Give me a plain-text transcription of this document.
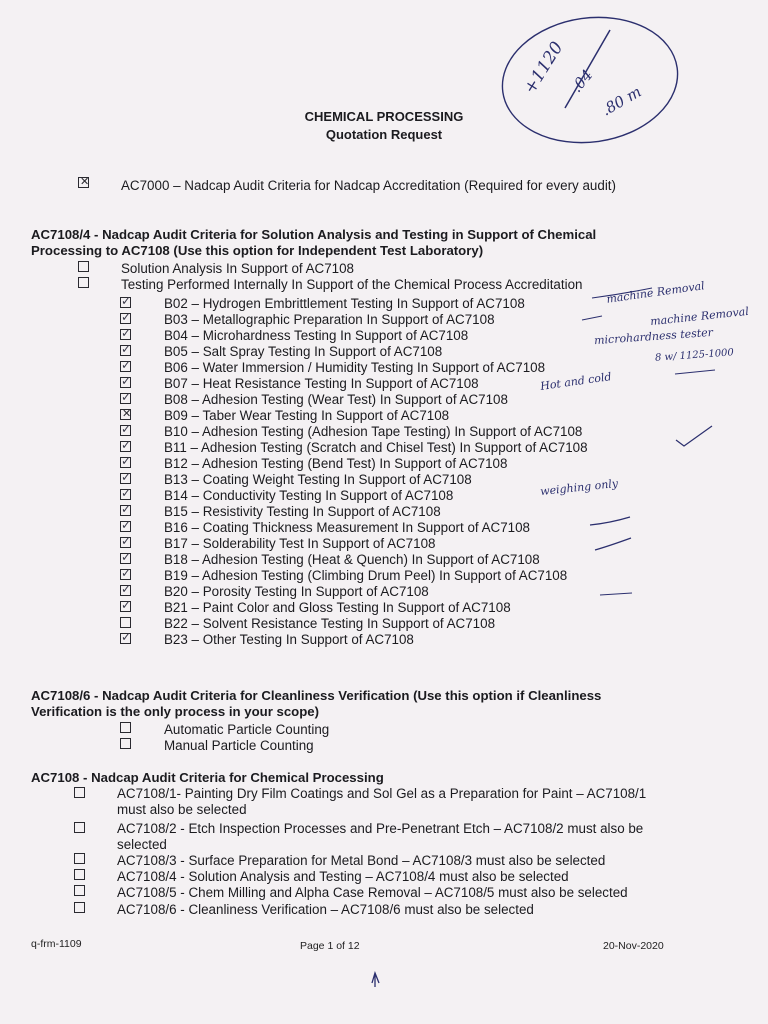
CHEMICAL PROCESSING
Quotation Request
✕ AC7000 – Nadcap Audit Criteria for Nadcap Accreditation (Required for every audit)
AC7108/4 - Nadcap Audit Criteria for Solution Analysis and Testing in Support of Chemical
Processing to AC7108 (Use this option for Independent Test Laboratory)
Solution Analysis In Support of AC7108
Testing Performed Internally In Support of the Chemical Process Accreditation
✓ B02 – Hydrogen Embrittlement Testing In Support of AC7108
✓ B03 – Metallographic Preparation In Support of AC7108
✓ B04 – Microhardness Testing In Support of AC7108
✓ B05 – Salt Spray Testing In Support of AC7108
✓ B06 – Water Immersion / Humidity Testing In Support of AC7108
✓ B07 – Heat Resistance Testing In Support of AC7108
✓ B08 – Adhesion Testing (Wear Test) In Support of AC7108
✕ B09 – Taber Wear Testing In Support of AC7108
✓ B10 – Adhesion Testing (Adhesion Tape Testing) In Support of AC7108
✓ B11 – Adhesion Testing (Scratch and Chisel Test) In Support of AC7108
✓ B12 – Adhesion Testing (Bend Test) In Support of AC7108
✓ B13 – Coating Weight Testing In Support of AC7108
✓ B14 – Conductivity Testing In Support of AC7108
✓ B15 – Resistivity Testing In Support of AC7108
✓ B16 – Coating Thickness Measurement In Support of AC7108
✓ B17 – Solderability Test In Support of AC7108
✓ B18 – Adhesion Testing (Heat & Quench) In Support of AC7108
✓ B19 – Adhesion Testing (Climbing Drum Peel) In Support of AC7108
✓ B20 – Porosity Testing In Support of AC7108
✓ B21 – Paint Color and Gloss Testing In Support of AC7108
B22 – Solvent Resistance Testing In Support of AC7108
✓ B23 – Other Testing In Support of AC7108
AC7108/6 - Nadcap Audit Criteria for Cleanliness Verification (Use this option if Cleanliness
Verification is the only process in your scope)
Automatic Particle Counting
Manual Particle Counting
AC7108 - Nadcap Audit Criteria for Chemical Processing
AC7108/1- Painting Dry Film Coatings and Sol Gel as a Preparation for Paint – AC7108/1
must also be selected
AC7108/2 - Etch Inspection Processes and Pre-Penetrant Etch – AC7108/2 must also be
selected
AC7108/3 - Surface Preparation for Metal Bond – AC7108/3 must also be selected
AC7108/4 - Solution Analysis and Testing – AC7108/4 must also be selected
AC7108/5 - Chem Milling and Alpha Case Removal – AC7108/5 must also be selected
AC7108/6 - Cleanliness Verification – AC7108/6 must also be selected
q-frm-1109	Page 1 of 12	20-Nov-2020
+1120 .04
.80 m
machine Removal
machine Removal
microhardness tester
8 w/ 1125-1000
Hot and cold
weighing only
